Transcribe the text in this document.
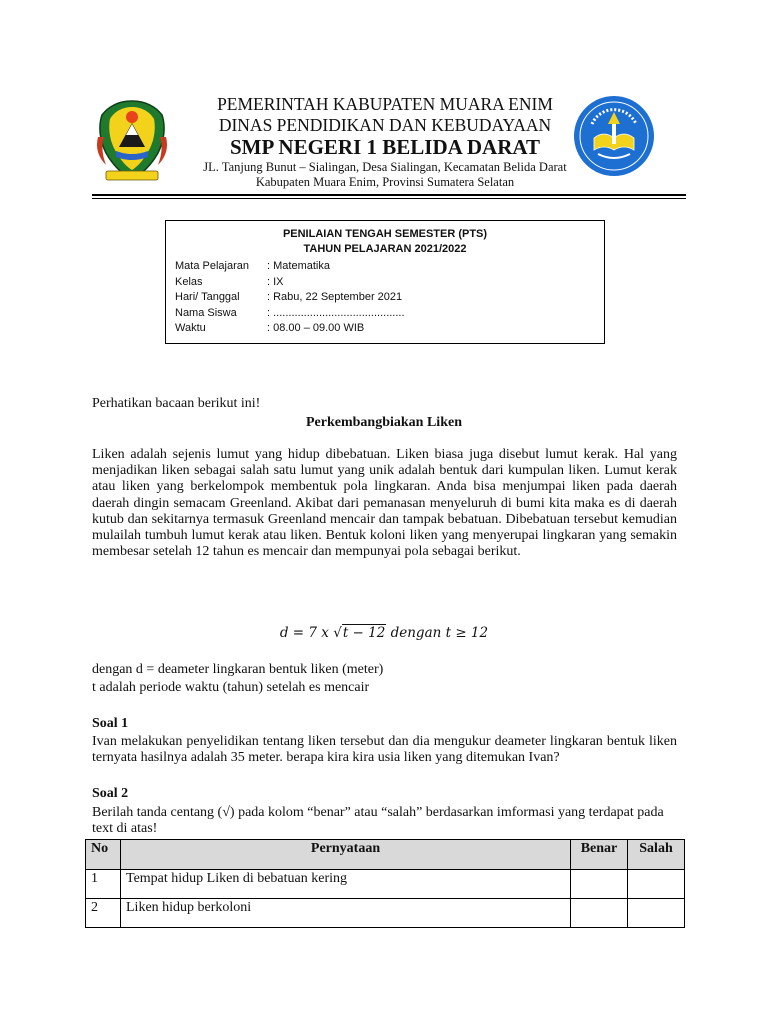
PEMERINTAH KABUPATEN MUARA ENIM
DINAS PENDIDIKAN DAN KEBUDAYAAN
SMP NEGERI 1 BELIDA DARAT
JL. Tanjung Bunut – Sialingan, Desa Sialingan, Kecamatan Belida Darat
Kabupaten Muara Enim, Provinsi Sumatera Selatan
PENILAIAN TENGAH SEMESTER (PTS)
TAHUN PELAJARAN 2021/2022
Mata Pelajaran	: Matematika
Kelas	: IX
Hari/ Tanggal	: Rabu, 22 September 2021
Nama Siswa	: ...........................................
Waktu	: 08.00 – 09.00 WIB
Perhatikan bacaan berikut ini!
Perkembangbiakan Liken

Liken adalah sejenis lumut yang hidup dibebatuan. Liken biasa juga disebut lumut kerak. Hal yang menjadikan liken sebagai salah satu lumut yang unik adalah bentuk dari kumpulan liken. Lumut kerak atau liken yang berkelompok membentuk pola lingkaran. Anda bisa menjumpai liken pada daerah daerah dingin semacam Greenland. Akibat dari pemanasan menyeluruh di bumi kita maka es di daerah kutub dan sekitarnya termasuk Greenland mencair dan tampak bebatuan. Dibebatuan tersebut kemudian mulailah tumbuh lumut kerak atau liken. Bentuk koloni liken yang menyerupai lingkaran yang semakin membesar setelah 12 tahun es mencair dan mempunyai pola sebagai berikut.

d = 7 x √t − 12 dengan t ≥ 12
dengan d = deameter lingkaran bentuk liken (meter)
t adalah periode waktu (tahun) setelah es mencair
Soal 1
Ivan melakukan penyelidikan tentang liken tersebut dan dia mengukur deameter lingkaran bentuk liken ternyata hasilnya adalah 35 meter. berapa kira kira usia liken yang ditemukan Ivan?
Soal 2
Berilah tanda centang (√) pada kolom “benar” atau “salah” berdasarkan imformasi yang terdapat pada text di atas!
No	Pernyataan	Benar	Salah
1	Tempat hidup Liken di bebatuan kering		
2	Liken hidup berkoloni		
